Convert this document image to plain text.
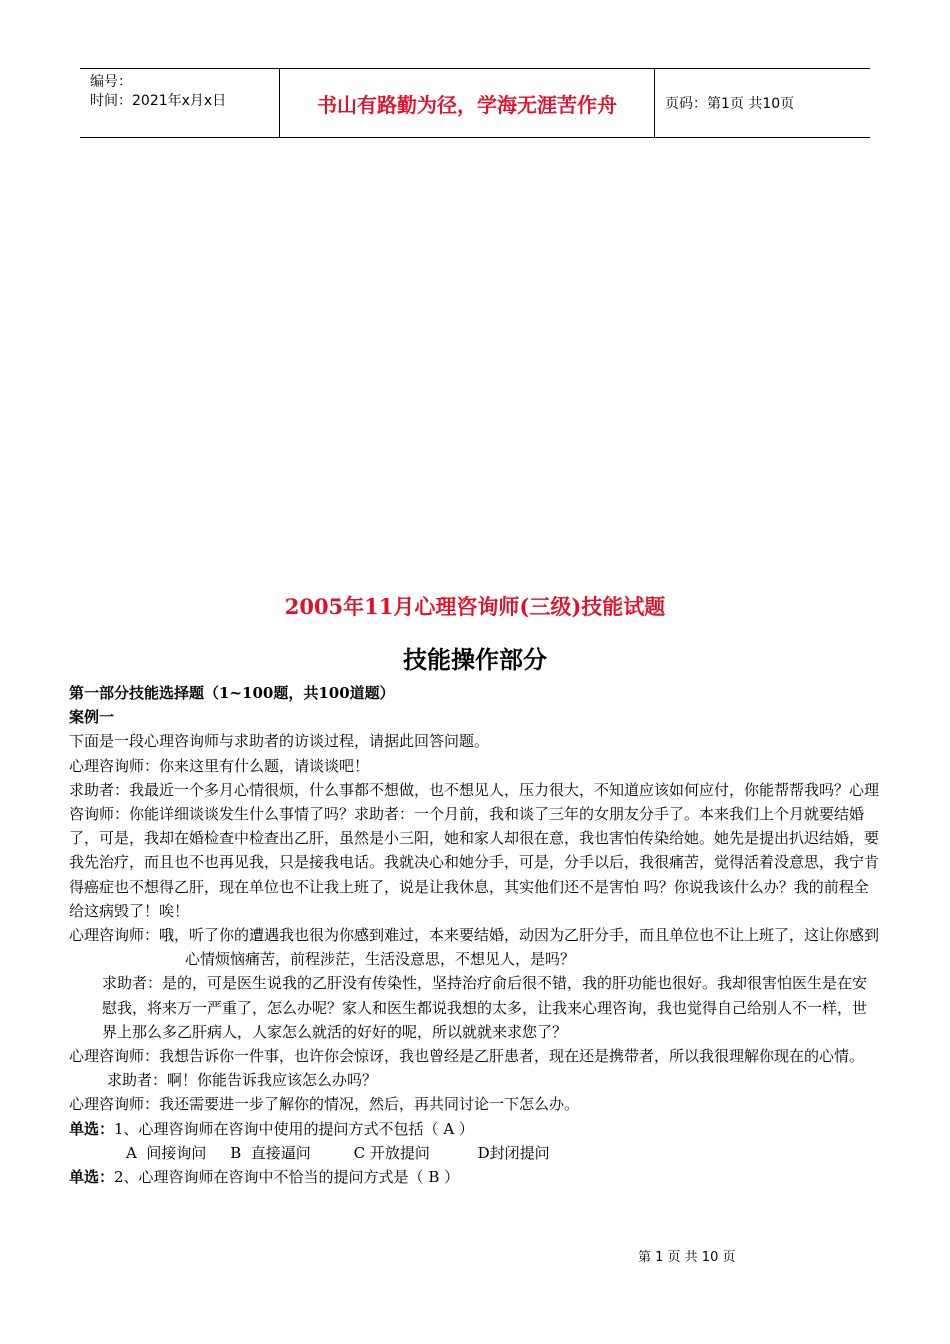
编号：
时间：2021年x月x日	书山有路勤为径，学海无涯苦作舟	页码：第1页 共10页
2005年11月心理咨询师(三级)技能试题
技能操作部分

第一部分技能选择题（1~100题，共100道题）

案例一

下面是一段心理咨询师与求助者的访谈过程，请据此回答问题。

心理咨询师：你来这里有什么题，请谈谈吧！

求助者：我最近一个多月心情很烦，什么事都不想做，也不想见人，压力很大，不知道应该如何应付，你能帮帮我吗？心理咨询师：你能详细谈谈发生什么事情了吗？求助者：一个月前，我和谈了三年的女朋友分手了。本来我们上个月就要结婚了，可是，我却在婚检查中检查出乙肝，虽然是小三阳，她和家人却很在意，我也害怕传染给她。她先是提出扒迟结婚，要我先治疗，而且也不也再见我，只是接我电话。我就决心和她分手，可是，分手以后，我很痛苦，觉得活着没意思，我宁肯得癌症也不想得乙肝，现在单位也不让我上班了，说是让我休息，其实他们还不是害怕 吗？你说我该什么办？我的前程全给这病毁了！唉！

心理咨询师：哦，听了你的遭遇我也很为你感到难过，本来要结婚，动因为乙肝分手，而且单位也不让上班了，这让你感到心情烦恼痛苦，前程涉茫，生活没意思，不想见人，是吗？

求助者：是的，可是医生说我的乙肝没有传染性，坚持治疗俞后很不错，我的肝功能也很好。我却很害怕医生是在安慰我，将来万一严重了，怎么办呢？家人和医生都说我想的太多，让我来心理咨询，我也觉得自己给别人不一样，世界上那么多乙肝病人，人家怎么就活的好好的呢，所以就就来求您了？

心理咨询师：我想告诉你一件事，也许你会惊讶，我也曾经是乙肝患者，现在还是携带者，所以我很理解你现在的心情。

求助者：啊！你能告诉我应该怎么办吗？

心理咨询师：我还需要进一步了解你的情况，然后，再共同讨论一下怎么办。

单选：1、心理咨询师在咨询中使用的提问方式不包括（ A ）

A  间接询问     B  直接逼问         C 开放提问          D封闭提问

单选：2、心理咨询师在咨询中不恰当的提问方式是（ B ）

第 1 页 共 10 页
